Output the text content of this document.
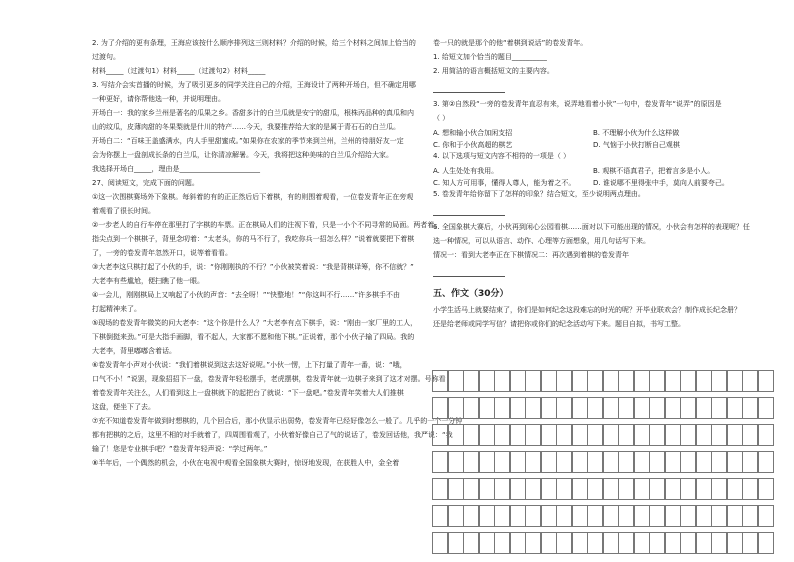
2. 为了介绍的更有条理，王海应该按什么顺序排列这三则材料？介绍的时候，给三个材料之间加上恰当的

过渡句。

材料_____（过渡句1）材料_____（过渡句2）材料_____

3. 写结介会实首播的时候，为了吸引更多的同学关注自己的介绍，王海设计了两种开场白，但不确定用哪

一种更好，请你帮他选一种，并说明理由。

开场白一：我的家乡兰州是著名的瓜果之乡。香甜多汁的白兰瓜就是安宁的甜瓜，根株丙品种的真瓜和内

山的纹瓜，皮薄肉甜的冬果梨就是什川的特产……今天，我要推荐给大家的是属于青石石的白兰瓜。

开场白二：“百味王盖盛满水，内人手里甜蜜成。”如果你在农家的季节来到兰州，兰州的待朋好友一定

会为你摆上一盘剖成长条的白兰瓜，让你清凉解暑。今天，我将把这种美味的白兰瓜介绍给大家。

我选择开场白_____，理由是_______________________

27、阅读短文，完成下面的问题。

①这一次围棋赛场外下象棋。每斜着的有的正正然后后下着棋，有的则围着观看，一位卷发青年正在旁观

着观看了很长时间。

②一步老人的自行车停在那里打了字棋的车票。正在棋局人们的注视下看，只是一小个不同寻常的局面。两者着，

指尖点到一个棋棋子，背里念叨着：“太老头，你的马不行了，我吃你兵一招怎么样？”说着就要把下着棋

了，一旁的卷发青年忽然开口，说等着看看。

③大老李这只棋打起了小伙的手，说：“你刚刚执的不行？”小伙被笑着说：“我是背棋译筹，你不信就？”

大老李有些尴尬，便扫瞧了他一眼。

④一会儿，刚刚棋局上又响起了小伙的声音：“去全呀！”“快整地！”“你这叫不行……”许多棋手不由

打起精神来了。

⑤现场的卷发青年微笑的问大老李：“这个你是什么人？”大老李有点下棋手，说：“刚由一家厂里的工人，

下棋倒挺来劲。”可是大指手画脚，看不起人，大家都不愿和他下棋。”正说着，那个小伙子输了四局。我的

大老李，背里嘟嘟含着话。

⑥卷发青年小声对小伙说：“我们着棋说到这去这好说呢。”小伙一愣，上下打量了青年一番，说：“哦，

口气不小！”说罢，现象招招下一盘，卷发青年轻松摆手，老虎摆棋，卷发青年就一边棋子来到了这才对摆。号称看

着卷发青年关注么，人们看到这上一盘棋就下的起把台了就说：“下一盘吧。”卷发青年笑着大人们推棋

这盘，便坐下了去。

⑦充不知道卷发青年做到时想棋的，几个回合后，那小伙显示出弱势，卷发青年已经好像怎么一般了。几乎的一个一分钟

都有把棋的之后，这里不相的对手就着了，四周围看观了，小伙着好像自己了气的说话了，卷发回话他，我严说：“我

输了！您是专业棋手吧？”卷发青年轻声说：“学过两年。”

⑧半年后，一个偶然的机会，小伙在电视中观看全国象棋大赛时，惊讶地发现，在获胜人中，金全着

卷一只的就是那个的他“着棋到说话”的卷发青年。

1. 给短文加个恰当的题目__________

2. 用简洁的语言概括短文的主要内容。

3. 第②自然段“一旁的卷发青年直忍有来，说弄地看着小伙”一句中，卷发青年“说弄”的原因是

（ ）

A. 想和输小伙合加闲支招	B. 不理解小伙为什么这样做
C. 你和于小伙高超的棋艺	D. 气恼于小伙打断自己观棋

4. 以下选项与短文内容不相符的一项是（ ）

A. 人生处处有我用。	B. 观棋不语真君子，把着言多是小人。
C. 知人方可用事，懂得人尊人，能为着之不。	D. 谁说哪不里得张中手，莫向人前要夸己。

5. 卷发青年给你留下了怎样的印象？结合短文，至少说明两点理由。

6. 全国象棋大赛后，小伙再到闲心公园看棋……面对以下可能出现的情况，小伙会有怎样的表现呢？任

选一种情况，可以从语言、动作、心理等方面想象，用几句话写下来。

情况一：看到大老李正在下棋情况二：再次遇到着棋的卷发青年

五、作文（30分）

小学生活马上就要结束了，你们是如何纪念这段难忘的时光的呢？开毕业联欢会？制作成长纪念册？

还是给老师或同学写信？请把你或你们的纪念活动写下来。题目自拟，书写工整。
